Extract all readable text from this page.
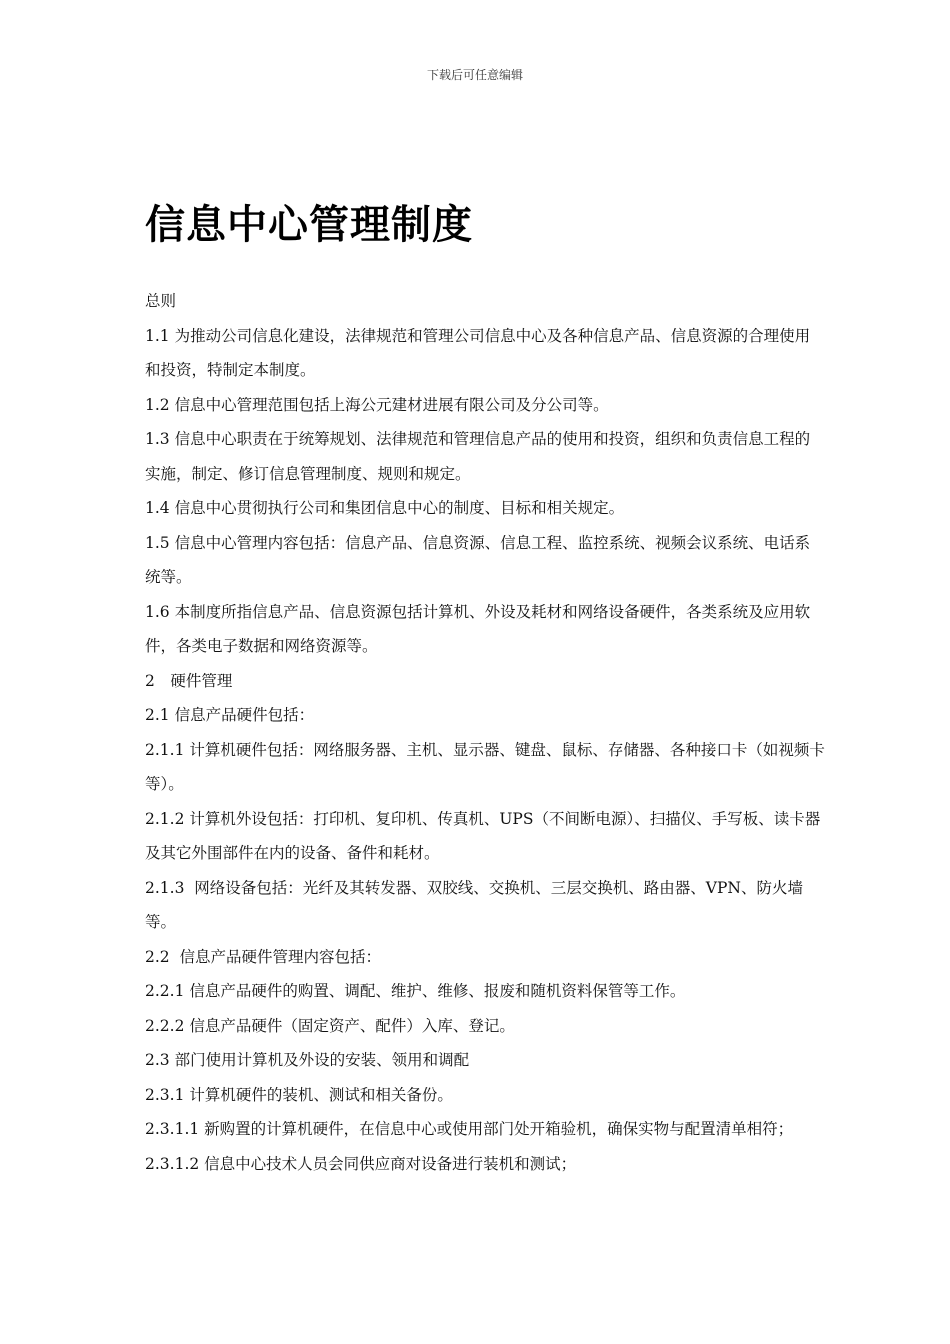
下载后可任意编辑
信息中心管理制度

总则

1.1 为推动公司信息化建设，法律规范和管理公司信息中心及各种信息产品、信息资源的合理使用和投资，特制定本制度。

1.2 信息中心管理范围包括上海公元建材进展有限公司及分公司等。

1.3 信息中心职责在于统筹规划、法律规范和管理信息产品的使用和投资，组织和负责信息工程的实施，制定、修订信息管理制度、规则和规定。

1.4 信息中心贯彻执行公司和集团信息中心的制度、目标和相关规定。

1.5 信息中心管理内容包括：信息产品、信息资源、信息工程、监控系统、视频会议系统、电话系统等。

1.6 本制度所指信息产品、信息资源包括计算机、外设及耗材和网络设备硬件，各类系统及应用软件，各类电子数据和网络资源等。

2　硬件管理

2.1 信息产品硬件包括：

2.1.1 计算机硬件包括：网络服务器、主机、显示器、键盘、鼠标、存储器、各种接口卡（如视频卡等）。

2.1.2 计算机外设包括：打印机、复印机、传真机、UPS（不间断电源）、扫描仪、手写板、读卡器及其它外围部件在内的设备、备件和耗材。

2.1.3  网络设备包括：光纤及其转发器、双胶线、交换机、三层交换机、路由器、VPN、防火墙等。

2.2  信息产品硬件管理内容包括：

2.2.1 信息产品硬件的购置、调配、维护、维修、报废和随机资料保管等工作。

2.2.2 信息产品硬件（固定资产、配件）入库、登记。

2.3 部门使用计算机及外设的安装、领用和调配

2.3.1 计算机硬件的装机、测试和相关备份。

2.3.1.1 新购置的计算机硬件，在信息中心或使用部门处开箱验机，确保实物与配置清单相符；

2.3.1.2 信息中心技术人员会同供应商对设备进行装机和测试；
